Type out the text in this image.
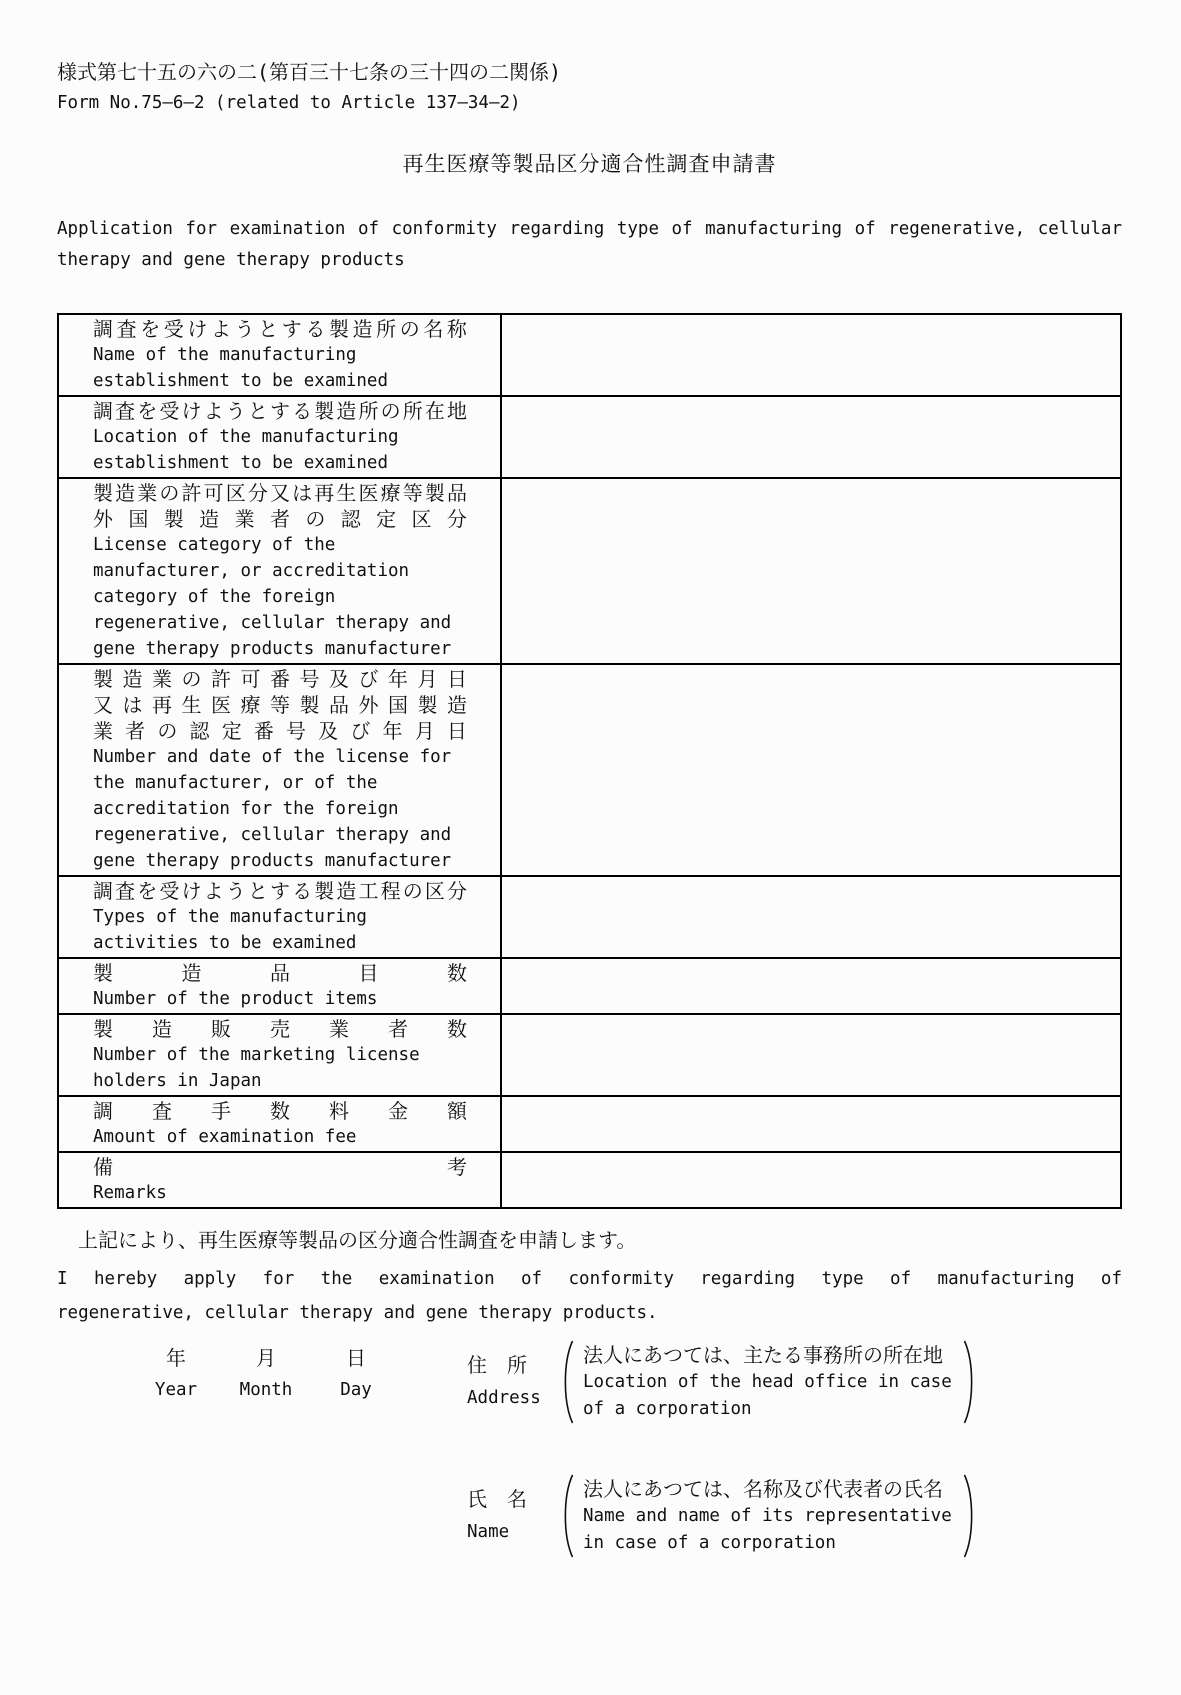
様式第七十五の六の二(第百三十七条の三十四の二関係)
Form No.75―6―2 (related to Article 137―34―2)
再生医療等製品区分適合性調査申請書
Application for examination of conformity regarding type of manufacturing of regenerative, cellular
therapy and gene therapy products
調 査 を 受 け よ う と す る 製 造 所 の 名 称
Name of the manufacturing
establishment to be examined
調 査 を 受 け よ う と す る 製 造 所 の 所 在 地
Location of the manufacturing
establishment to be examined
製 造 業 の 許 可 区 分 又 は 再 生 医 療 等 製 品
外 国 製 造 業 者 の 認 定 区 分
License category of the
manufacturer, or accreditation
category of the foreign
regenerative, cellular therapy and
gene therapy products manufacturer
製 造 業 の 許 可 番 号 及 び 年 月 日
又 は 再 生 医 療 等 製 品 外 国 製 造
業 者 の 認 定 番 号 及 び 年 月 日
Number and date of the license for
the manufacturer, or of the
accreditation for the foreign
regenerative, cellular therapy and
gene therapy products manufacturer
調 査 を 受 け よ う と す る 製 造 工 程 の 区 分
Types of the manufacturing
activities to be examined
製	造	品	目	数
Number of the product items
製 造 販 売 業 者 数
Number of the marketing license
holders in Japan
調 査 手 数 料 金 額
Amount of examination fee
備	考
Remarks
上記により、再生医療等製品の区分適合性調査を申請します。
I hereby apply for the examination of conformity regarding type of manufacturing of
regenerative, cellular therapy and gene therapy products.
年
Year
月
Month
日
Day
住　所
Address
法人にあつては、主たる事務所の所在地
Location of the head office in case
of a corporation
氏　名
Name
法人にあつては、名称及び代表者の氏名
Name and name of its representative
in case of a corporation
